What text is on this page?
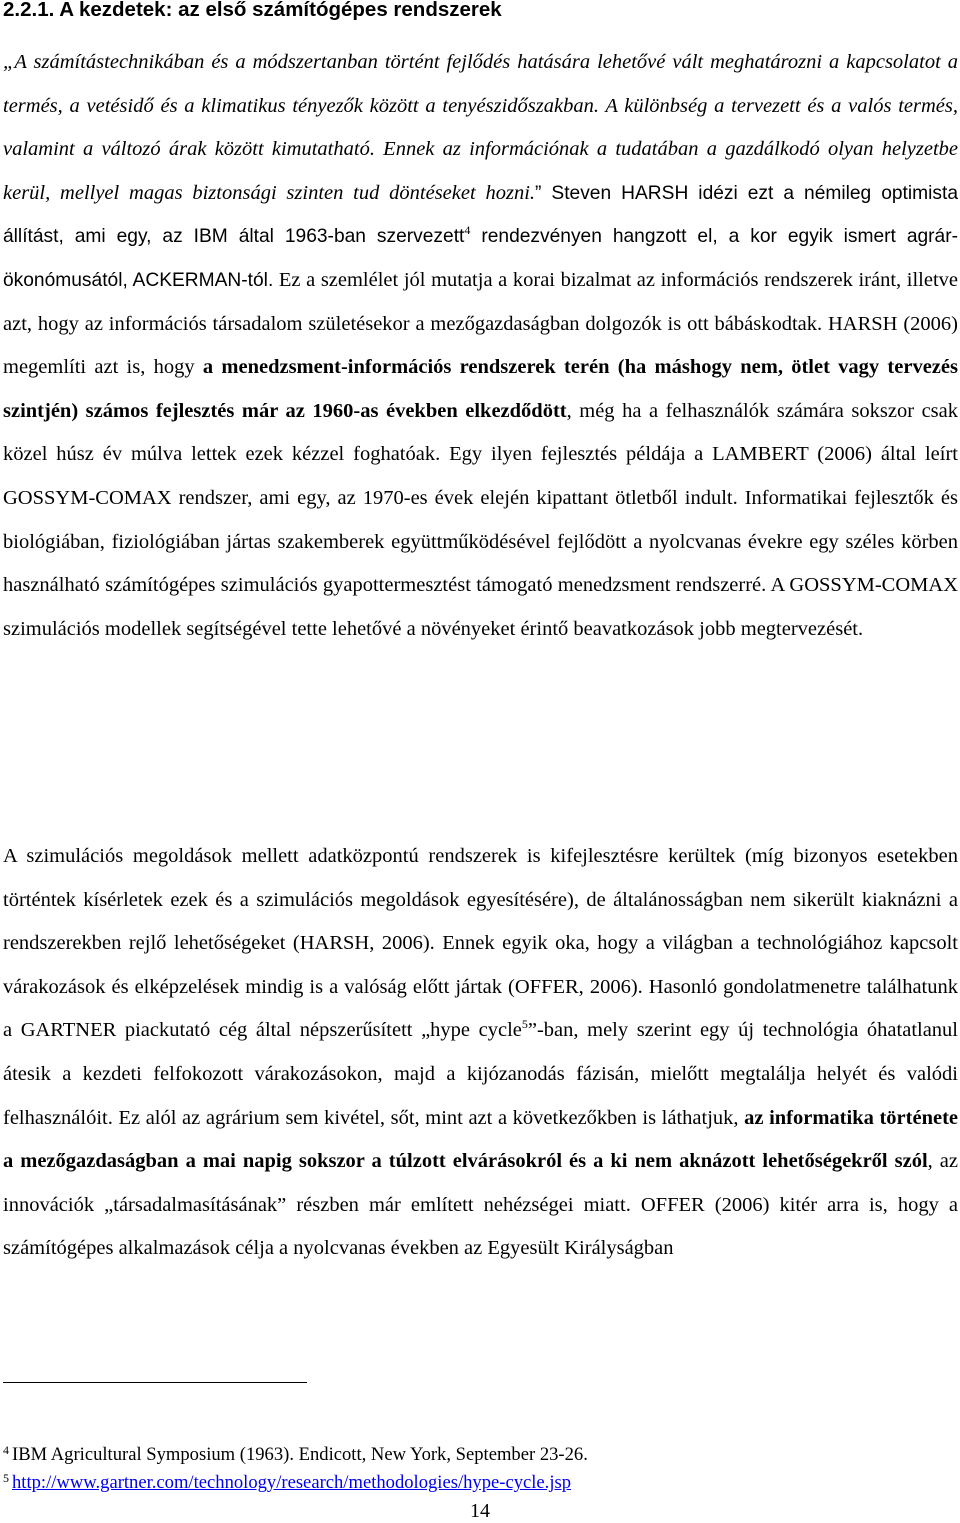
2.2.1. A kezdetek: az első számítógépes rendszerek

„A számítástechnikában és a módszertanban történt fejlődés hatására lehetővé vált meghatározni a kapcsolatot a termés, a vetésidő és a klimatikus tényezők között a tenyészidőszakban. A különbség a tervezett és a valós termés, valamint a változó árak között kimutatható. Ennek az információnak a tudatában a gazdálkodó olyan helyzetbe kerül, mellyel magas biztonsági szinten tud döntéseket hozni.” Steven HARSH idézi ezt a némileg optimista állítást, ami egy, az IBM által 1963-ban szervezett$^4$ rendezvényen hangzott el, a kor egyik ismert agrár-ökonómusától, ACKERMAN-tól. Ez a szemlélet jól mutatja a korai bizalmat az információs rendszerek iránt, illetve azt, hogy az információs társadalom születésekor a mezőgazdaságban dolgozók is ott bábáskodtak. HARSH (2006) megemlíti azt is, hogy a menedzsment-információs rendszerek terén (ha máshogy nem, ötlet vagy tervezés szintjén) számos fejlesztés már az 1960-as években elkezdődött, még ha a felhasználók számára sokszor csak közel húsz év múlva lettek ezek kézzel foghatóak. Egy ilyen fejlesztés példája a LAMBERT (2006) által leírt GOSSYM-COMAX rendszer, ami egy, az 1970-es évek elején kipattant ötletből indult. Informatikai fejlesztők és biológiában, fiziológiában jártas szakemberek együttműködésével fejlődött a nyolcvanas évekre egy széles körben használható számítógépes szimulációs gyapottermesztést támogató menedzsment rendszerré. A GOSSYM-COMAX szimulációs modellek segítségével tette lehetővé a növényeket érintő beavatkozások jobb megtervezését.

A szimulációs megoldások mellett adatközpontú rendszerek is kifejlesztésre kerültek (míg bizonyos esetekben történtek kísérletek ezek és a szimulációs megoldások egyesítésére), de általánosságban nem sikerült kiaknázni a rendszerekben rejlő lehetőségeket (HARSH, 2006). Ennek egyik oka, hogy a világban a technológiához kapcsolt várakozások és elképzelések mindig is a valóság előtt jártak (OFFER, 2006). Hasonló gondolatmenetre találhatunk a GARTNER piackutató cég által népszerűsített „hype cycle$^5$”-ban, mely szerint egy új technológia óhatatlanul átesik a kezdeti felfokozott várakozásokon, majd a kijózanodás fázisán, mielőtt megtalálja helyét és valódi felhasználóit. Ez alól az agrárium sem kivétel, sőt, mint azt a következőkben is láthatjuk, az informatika története a mezőgazdaságban a mai napig sokszor a túlzott elvárásokról és a ki nem aknázott lehetőségekről szól, az innovációk „társadalmasításának” részben már említett nehézségei miatt. OFFER (2006) kitér arra is, hogy a számítógépes alkalmazások célja a nyolcvanas években az Egyesült Királyságban

$^4$ IBM Agricultural Symposium (1963). Endicott, New York, September 23-26.
$^5$ http://www.gartner.com/technology/research/methodologies/hype-cycle.jsp
14
